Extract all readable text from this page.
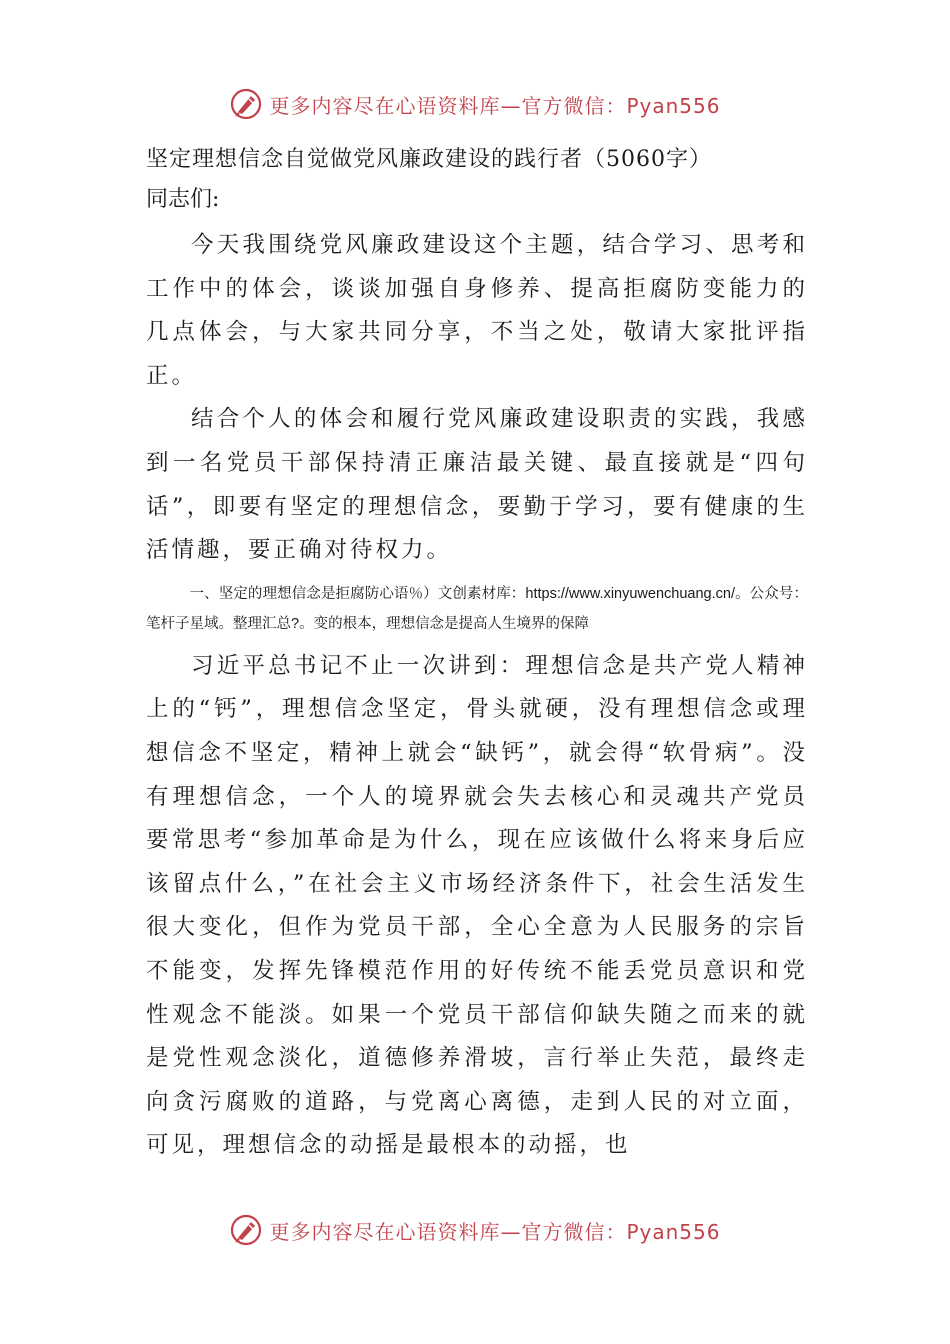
更多内容尽在心语资料库—官方微信：Pyan556
坚定理想信念自觉做党风廉政建设的践行者（5060字）
同志们:

今天我围绕党风廉政建设这个主题，结合学习、思考和工作中的体会，谈谈加强自身修养、提高拒腐防变能力的几点体会，与大家共同分享，不当之处，敬请大家批评指正。

结合个人的体会和履行党风廉政建设职责的实践，我感到一名党员干部保持清正廉洁最关键、最直接就是“四句话”，即要有坚定的理想信念，要勤于学习，要有健康的生活情趣，要正确对待权力。

一、坚定的理想信念是拒腐防心语％）文创素材库：https://www.xinyuwenchuang.cn/。公众号：笔杆子星域。整理汇总?。变的根本，理想信念是提高人生境界的保障

习近平总书记不止一次讲到：理想信念是共产党人精神上的“钙”，理想信念坚定，骨头就硬，没有理想信念或理想信念不坚定，精神上就会“缺钙”，就会得“软骨病”。没有理想信念，一个人的境界就会失去核心和灵魂共产党员要常思考“参加革命是为什么，现在应该做什么将来身后应该留点什么，”在社会主义市场经济条件下，社会生活发生很大变化，但作为党员干部，全心全意为人民服务的宗旨不能变，发挥先锋模范作用的好传统不能丢党员意识和党性观念不能淡。如果一个党员干部信仰缺失随之而来的就是党性观念淡化，道德修养滑坡，言行举止失范，最终走向贪污腐败的道路，与党离心离德，走到人民的对立面，可见，理想信念的动摇是最根本的动摇，也

更多内容尽在心语资料库—官方微信：Pyan556
